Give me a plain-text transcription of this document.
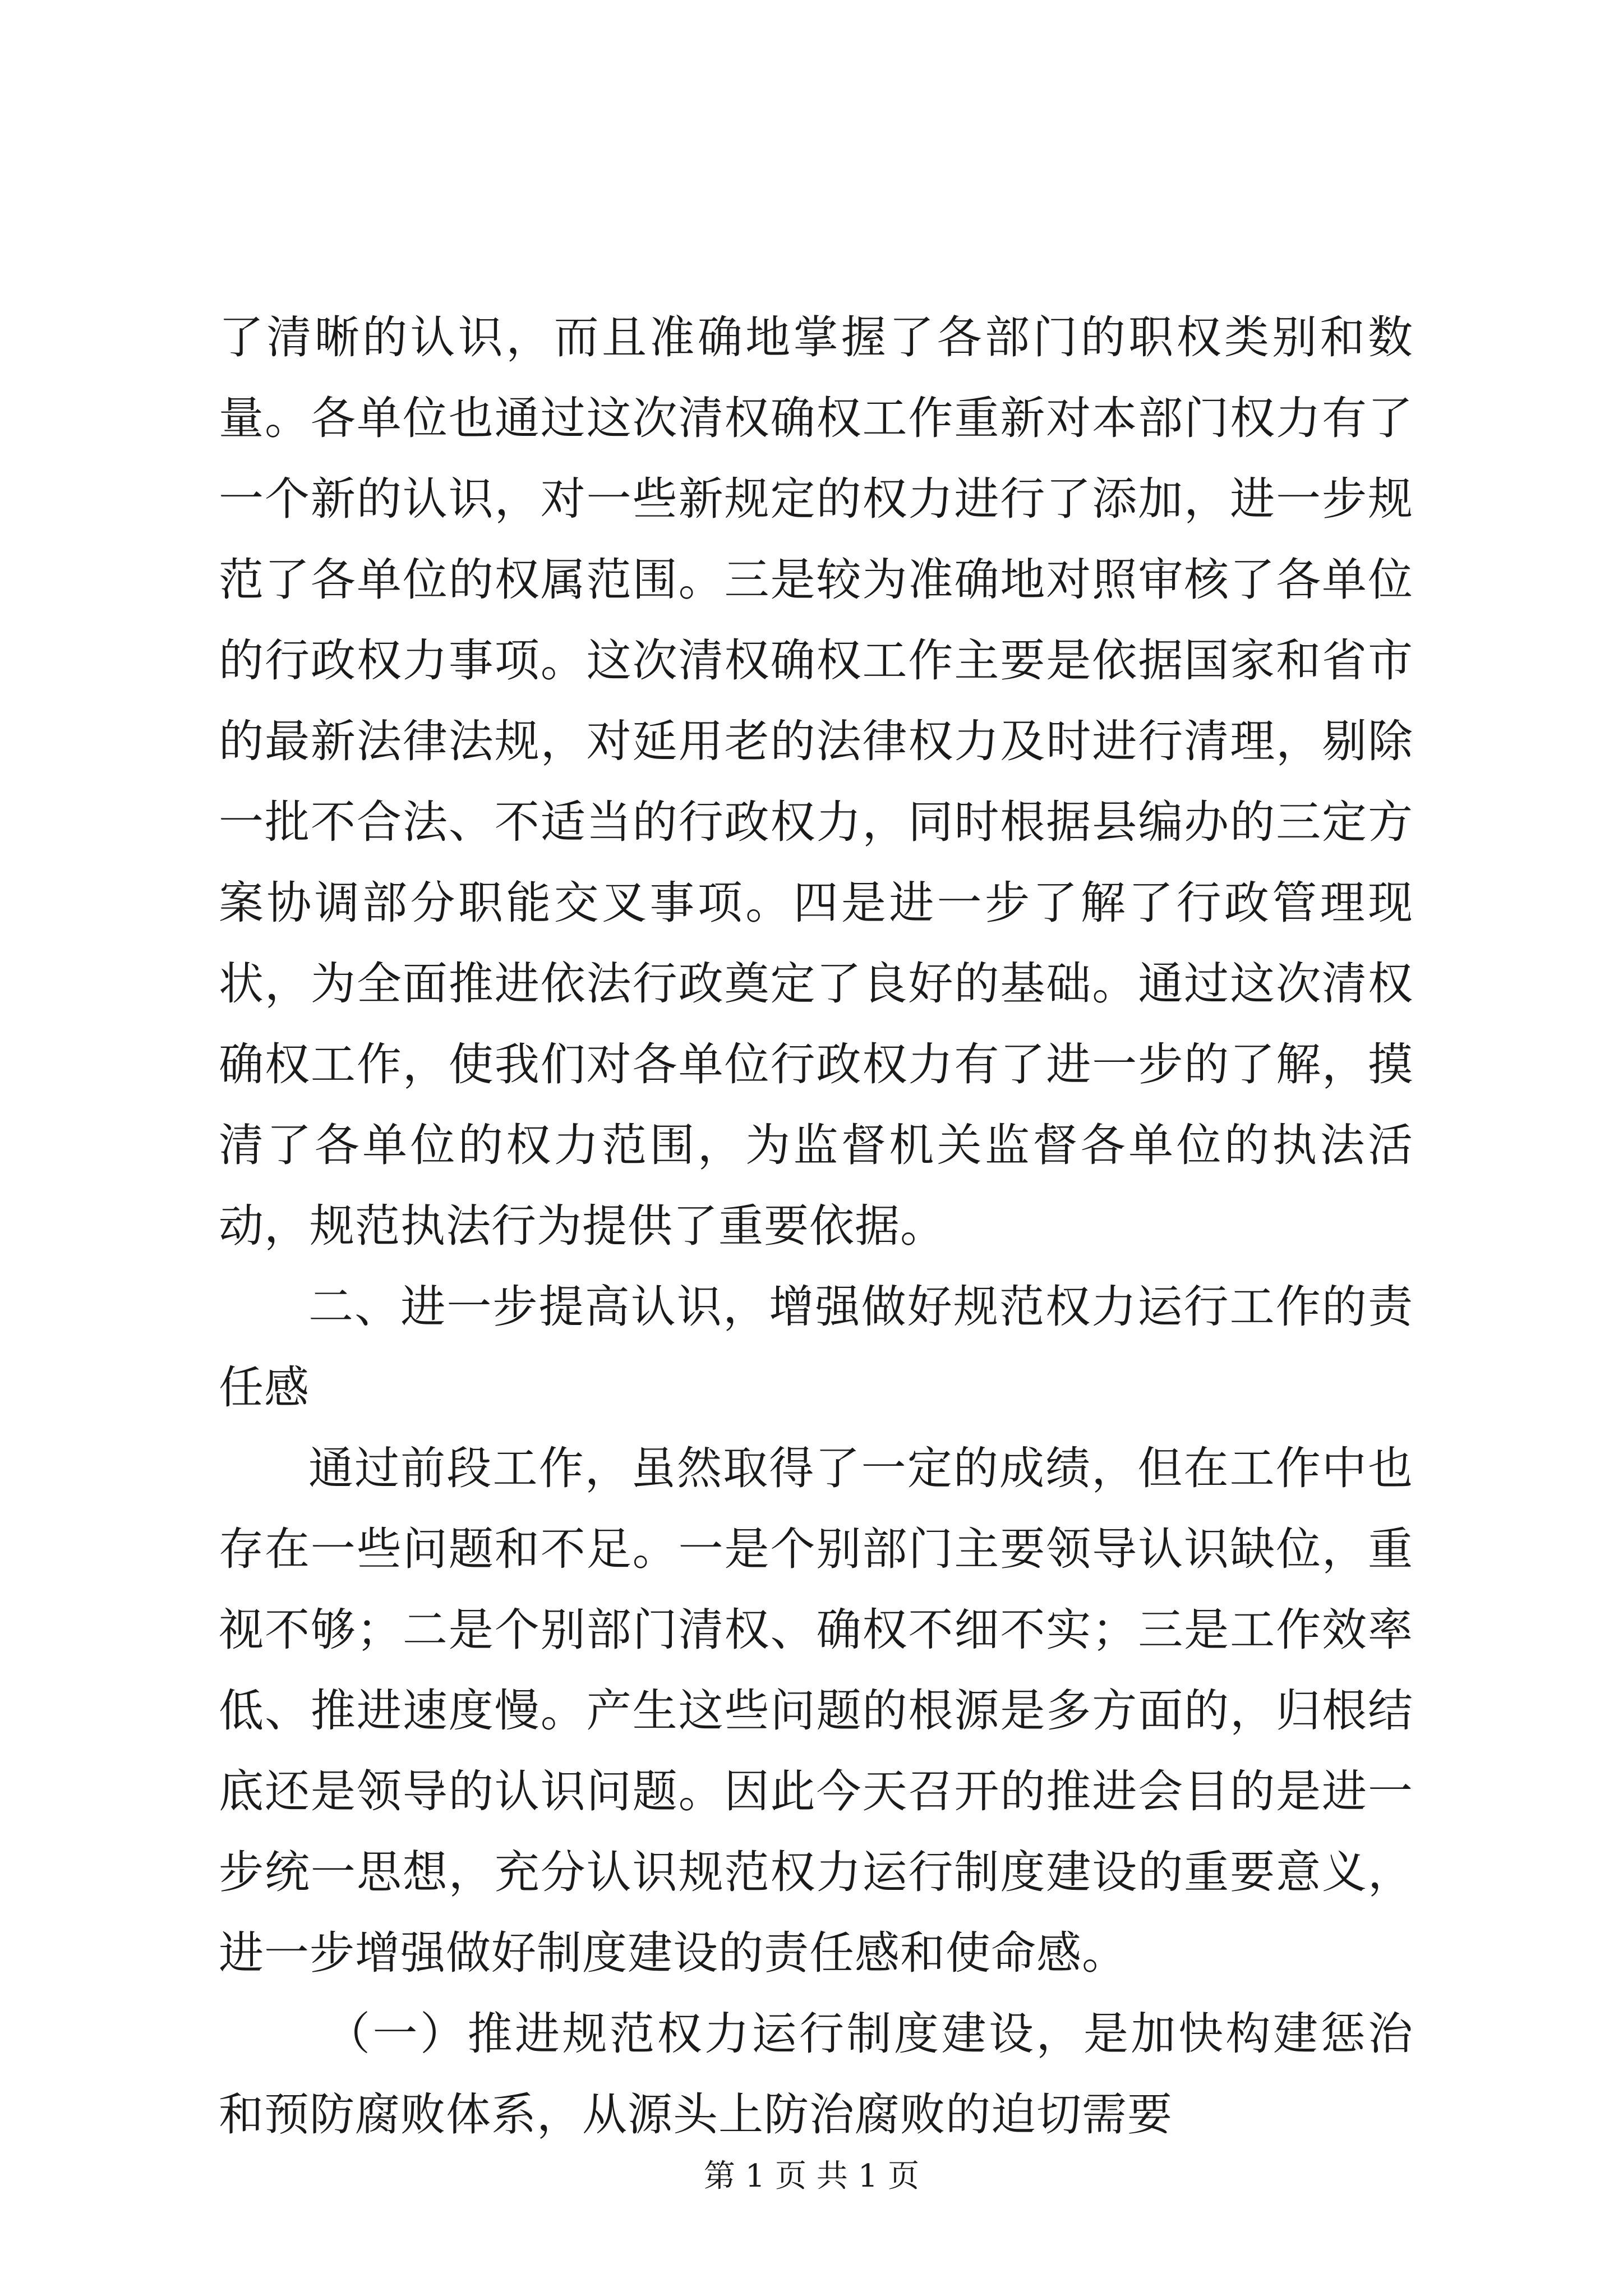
了清晰的认识，而且准确地掌握了各部门的职权类别和数量。各单位也通过这次清权确权工作重新对本部门权力有了一个新的认识，对一些新规定的权力进行了添加，进一步规范了各单位的权属范围。三是较为准确地对照审核了各单位的行政权力事项。这次清权确权工作主要是依据国家和省市的最新法律法规，对延用老的法律权力及时进行清理，剔除一批不合法、不适当的行政权力，同时根据县编办的三定方案协调部分职能交叉事项。四是进一步了解了行政管理现状，为全面推进依法行政奠定了良好的基础。通过这次清权确权工作，使我们对各单位行政权力有了进一步的了解，摸清了各单位的权力范围，为监督机关监督各单位的执法活动，规范执法行为提供了重要依据。

二、进一步提高认识，增强做好规范权力运行工作的责任感

通过前段工作，虽然取得了一定的成绩，但在工作中也存在一些问题和不足。一是个别部门主要领导认识缺位，重视不够；二是个别部门清权、确权不细不实；三是工作效率低、推进速度慢。产生这些问题的根源是多方面的，归根结底还是领导的认识问题。因此今天召开的推进会目的是进一步统一思想，充分认识规范权力运行制度建设的重要意义，进一步增强做好制度建设的责任感和使命感。

（一）推进规范权力运行制度建设，是加快构建惩治和预防腐败体系，从源头上防治腐败的迫切需要

第 1 页 共 1 页
